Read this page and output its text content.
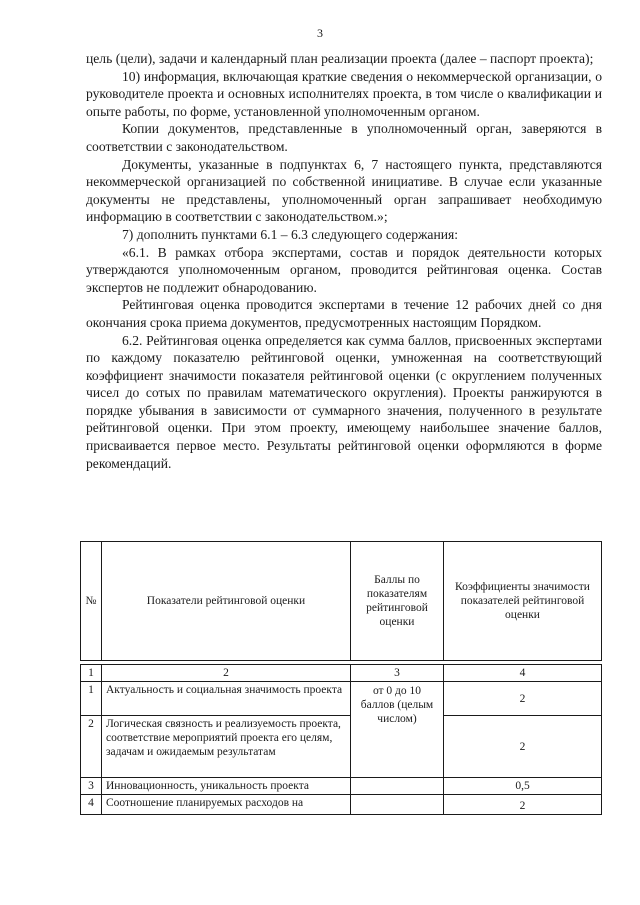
3

цель (цели), задачи и календарный план реализации проекта (далее – паспорт проекта);

10) информация, включающая краткие сведения о некоммерческой организации, о руководителе проекта и основных исполнителях проекта, в том числе о квалификации и опыте работы, по форме, установленной уполномоченным органом.

Копии документов, представленные в уполномоченный орган, заверяются в соответствии с законодательством.

Документы, указанные в подпунктах 6, 7 настоящего пункта, представляются некоммерческой организацией по собственной инициативе. В случае если указанные документы не представлены, уполномоченный орган запрашивает необходимую информацию в соответствии с законодательством.»;

7) дополнить пунктами 6.1 – 6.3 следующего содержания:

«6.1. В рамках отбора экспертами, состав и порядок деятельности которых утверждаются уполномоченным органом, проводится рейтинговая оценка. Состав экспертов не подлежит обнародованию.

Рейтинговая оценка проводится экспертами в течение 12 рабочих дней со дня окончания срока приема документов, предусмотренных настоящим Порядком.

6.2. Рейтинговая оценка определяется как сумма баллов, присвоенных экспертами по каждому показателю рейтинговой оценки, умноженная на соответствующий коэффициент значимости показателя рейтинговой оценки (с округлением полученных чисел до сотых по правилам математического округления). Проекты ранжируются в порядке убывания в зависимости от суммарного значения, полученного в результате рейтинговой оценки. При этом проекту, имеющему наибольшее значение баллов, присваивается первое место. Результаты рейтинговой оценки оформляются в форме рекомендаций.

№	Показатели рейтинговой оценки	Баллы по показателям рейтинговой оценки	Коэффициенты значимости показателей рейтинговой оценки

1	2	3	4
1	Актуальность и социальная значимость проекта	от 0 до 10 баллов (целым числом)	2
2	Логическая связность и реализуемость проекта, соответствие мероприятий проекта его целям, задачам и ожидаемым результатам		2
3	Инновационность, уникальность проекта		0,5
4	Соотношение планируемых расходов на		2
